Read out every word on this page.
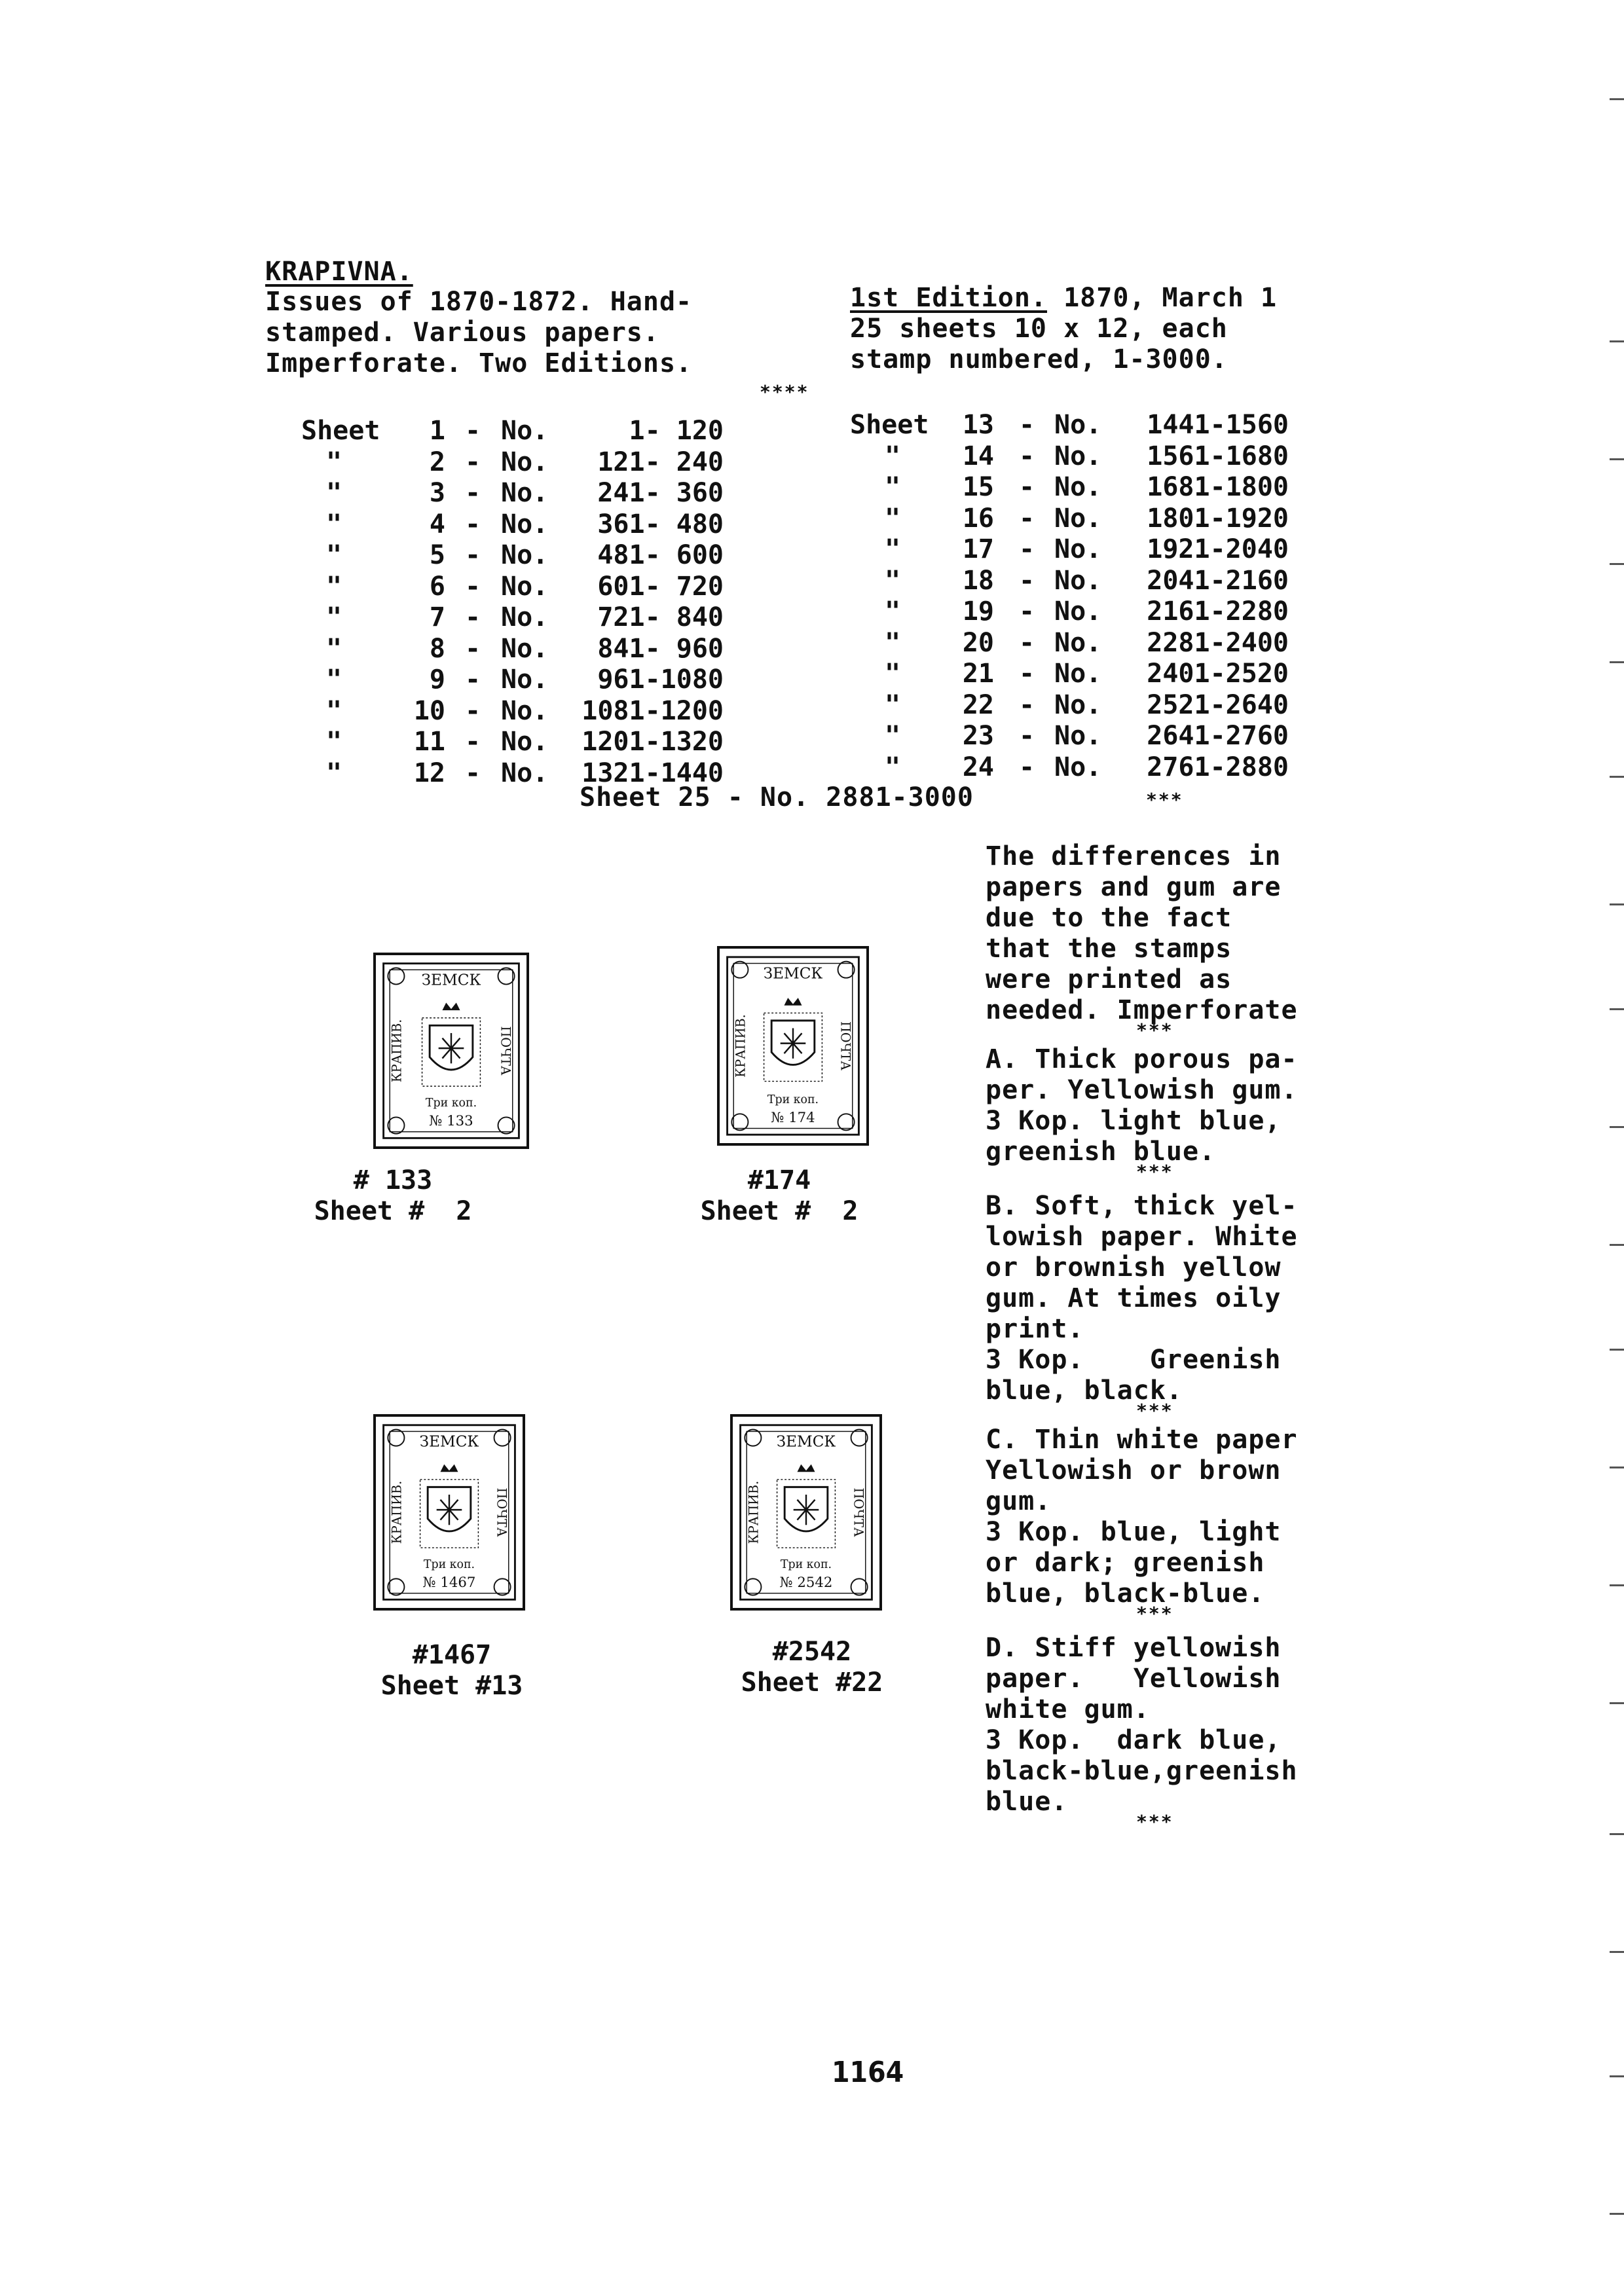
KRAPIVNA.
Issues of 1870-1872. Hand-
stamped. Various papers.
Imperforate. Two Editions.
1st Edition. 1870, March 1
25 sheets 10 x 12, each
stamp numbered, 1-3000.
****
Sheet	1 - No.	1- 120
"	2 - No.	121- 240
"	3 - No.	241- 360
"	4 - No.	361- 480
"	5 - No.	481- 600
"	6 - No.	601- 720
"	7 - No.	721- 840
"	8 - No.	841- 960
"	9 - No.	961-1080
"	10 - No.	1081-1200
"	11 - No.	1201-1320
"	12 - No.	1321-1440
Sheet	13 - No.	1441-1560
"	14 - No.	1561-1680
"	15 - No.	1681-1800
"	16 - No.	1801-1920
"	17 - No.	1921-2040
"	18 - No.	2041-2160
"	19 - No.	2161-2280
"	20 - No.	2281-2400
"	21 - No.	2401-2520
"	22 - No.	2521-2640
"	23 - No.	2641-2760
"	24 - No.	2761-2880
Sheet 25 - No. 2881-3000
ЗЕМСК
КРАПИВ.	ПОЧТА
Три коп.
№ 133
# 133
Sheet #  2
ЗЕМСК
КРАПИВ.	ПОЧТА
Три коп.
№ 174
#174
Sheet #  2
ЗЕМСК
КРАПИВ.	ПОЧТА
Три коп.
№ 1467
#1467
Sheet #13
ЗЕМСК
КРАПИВ.	ПОЧТА
Три коп.
№ 2542
#2542
Sheet #22
***
The differences in
papers and gum are
due to the fact
that the stamps
were printed as
needed. Imperforate
***
A. Thick porous pa-
per. Yellowish gum.
3 Kop. light blue,
greenish blue.
***
B. Soft, thick yel-
lowish paper. White
or brownish yellow
gum. At times oily
print.
3 Kop.    Greenish
blue, black.
***
C. Thin white paper
Yellowish or brown
gum.
3 Kop. blue, light
or dark; greenish
blue, black-blue.
***
D. Stiff yellowish
paper.   Yellowish
white gum.
3 Kop.  dark blue,
black-blue,greenish
blue.
***
1164
